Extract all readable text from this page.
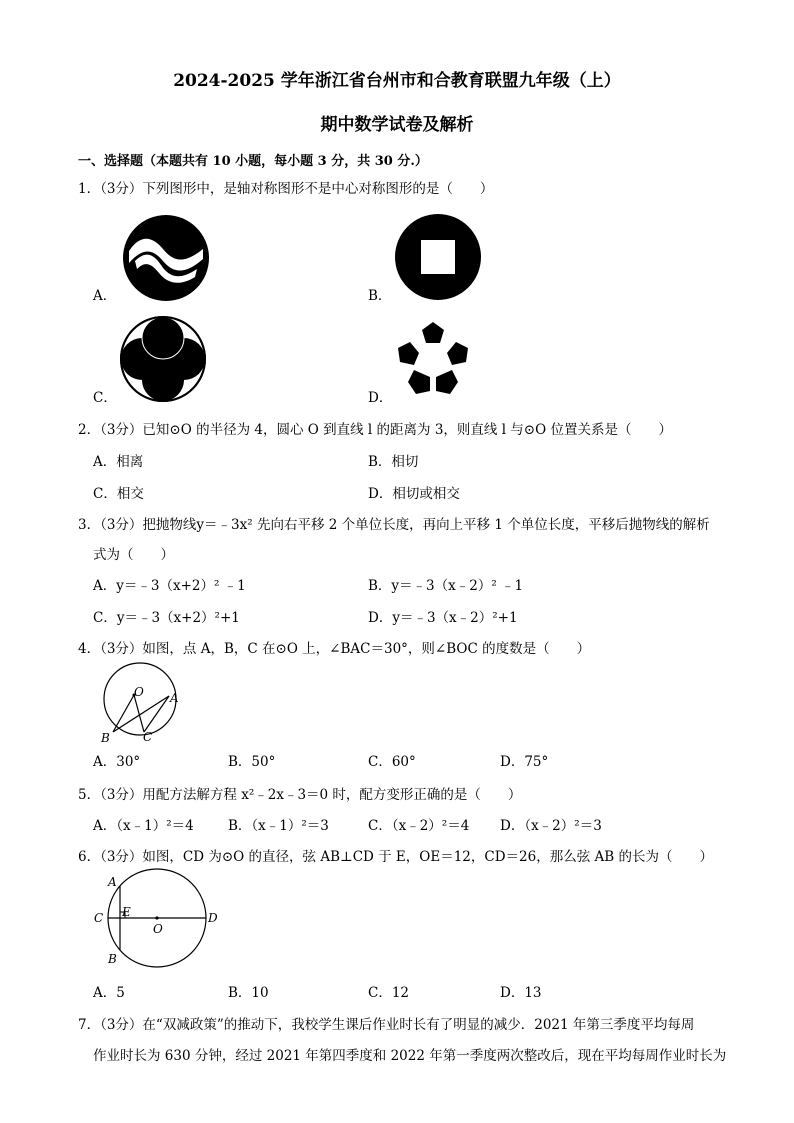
2024-2025 学年浙江省台州市和合教育联盟九年级（上）
期中数学试卷及解析
一、选择题（本题共有 10 小题，每小题 3 分，共 30 分.）
1．（3分）下列图形中，是轴对称图形不是中心对称图形的是（　　）
A．	B．
C．	D．
2．（3分）已知⊙O 的半径为 4，圆心 O 到直线 l 的距离为 3，则直线 l 与⊙O 位置关系是（　　）
A．相离	B．相切
C．相交	D．相切或相交
3．（3分）把抛物线y＝﹣3x² 先向右平移 2 个单位长度，再向上平移 1 个单位长度，平移后抛物线的解析
式为（　　）
A．y＝﹣3（x+2）² ﹣1	B．y＝﹣3（x﹣2）² ﹣1
C．y＝﹣3（x+2）²+1	D．y＝﹣3（x﹣2）²+1
4．（3分）如图，点 A，B，C 在⊙O 上，∠BAC＝30°，则∠BOC 的度数是（　　）
O A
B	C
A．30°	B．50°	C．60°	D．75°
5．（3分）用配方法解方程 x²﹣2x﹣3＝0 时，配方变形正确的是（　　）
A．（x﹣1）²＝4	B．（x﹣1）²＝3	C．（x﹣2）²＝4 D．（x﹣2）²＝3
6．（3分）如图，CD 为⊙O 的直径，弦 AB⊥CD 于 E，OE＝12，CD＝26，那么弦 AB 的长为（　　）
A
B
C	D
E
O
A．5	B．10	C．12	D．13
7．（3分）在“双减政策”的推动下，我校学生课后作业时长有了明显的减少．2021 年第三季度平均每周
作业时长为 630 分钟，经过 2021 年第四季度和 2022 年第一季度两次整改后，现在平均每周作业时长为
